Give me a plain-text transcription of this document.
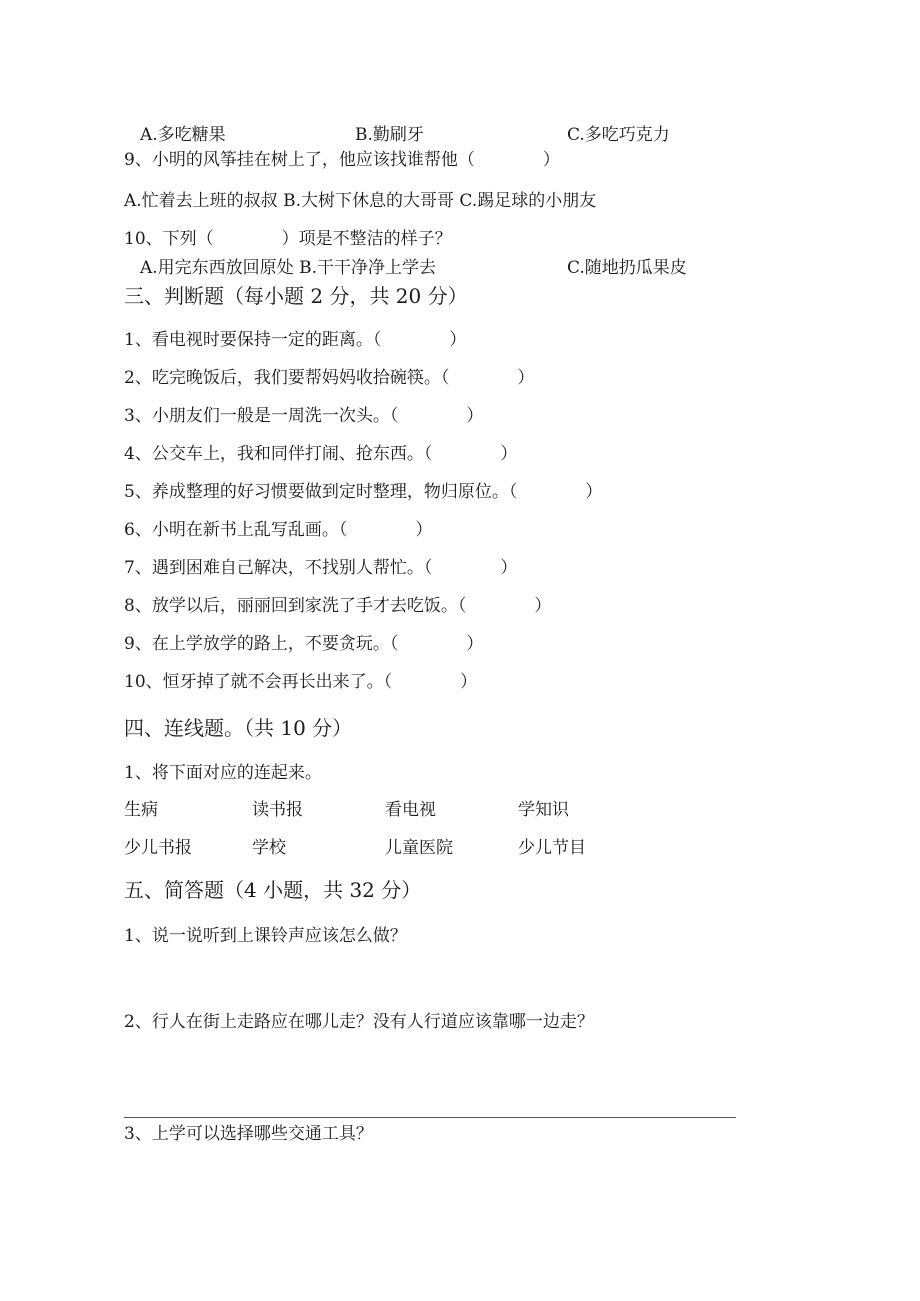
A.多吃糖果	B.勤刷牙	C.多吃巧克力
9、小明的风筝挂在树上了，他应该找谁帮他（　　　　）
A.忙着去上班的叔叔 B.大树下休息的大哥哥 C.踢足球的小朋友
10、下列（　　　　）项是不整洁的样子？
A.用完东西放回原处 B.干干净净上学去	C.随地扔瓜果皮
三、判断题（每小题 2 分，共 20 分）
1、看电视时要保持一定的距离。（　　　　）
2、吃完晚饭后，我们要帮妈妈收拾碗筷。（　　　　）
3、小朋友们一般是一周洗一次头。（　　　　）
4、公交车上，我和同伴打闹、抢东西。（　　　　）
5、养成整理的好习惯要做到定时整理，物归原位。（　　　　）
6、小明在新书上乱写乱画。（　　　　）
7、遇到困难自己解决，不找别人帮忙。（　　　　）
8、放学以后，丽丽回到家洗了手才去吃饭。（　　　　）
9、在上学放学的路上，不要贪玩。（　　　　）
10、恒牙掉了就不会再长出来了。（　　　　）
四、连线题。（共 10 分）
1、将下面对应的连起来。
生病	读书报	看电视	学知识
少儿书报	学校	儿童医院	少儿节目
五、简答题（4 小题，共 32 分）
1、说一说听到上课铃声应该怎么做？
2、行人在街上走路应在哪儿走？没有人行道应该靠哪一边走？
3、上学可以选择哪些交通工具？
